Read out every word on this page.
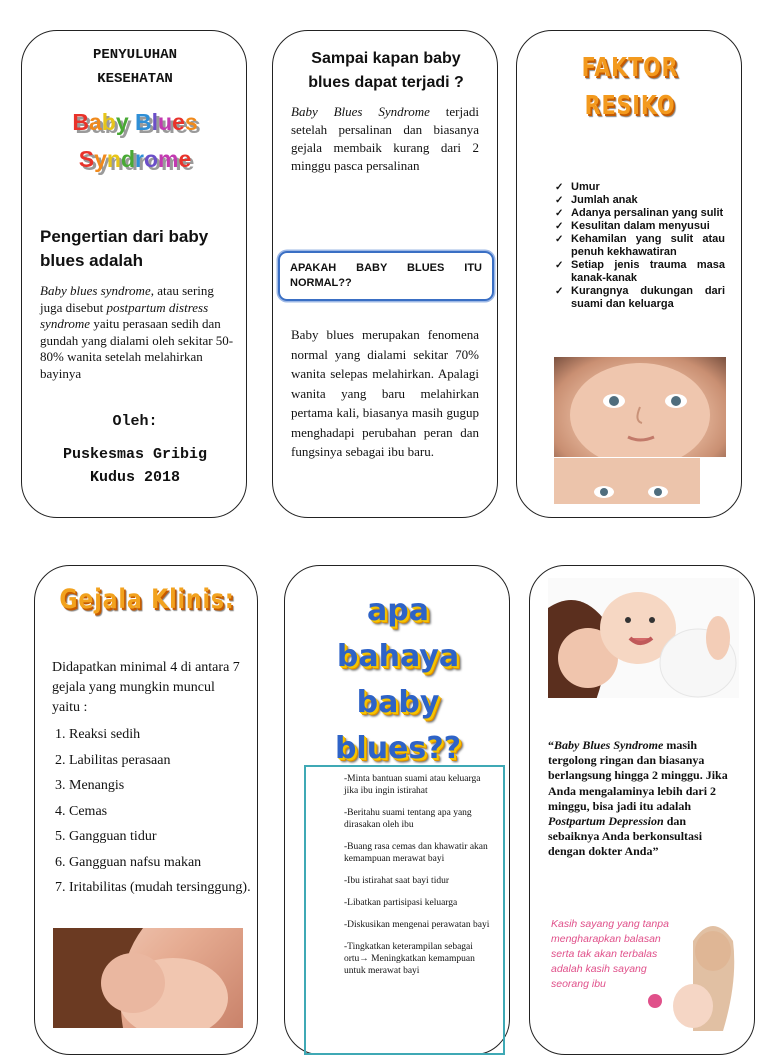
PENYULUHAN
KESEHATAN
Baby Blues
Syndrome
Pengertian dari baby
blues adalah
Baby blues syndrome, atau sering juga disebut postpartum distress syndrome yaitu perasaan sedih dan gundah yang dialami oleh sekitar 50-80% wanita setelah melahirkan bayinya
Oleh:
Puskesmas Gribig
Kudus 2018
Sampai kapan baby
blues dapat terjadi ?
Baby Blues Syndrome terjadi setelah persalinan dan biasanya gejala membaik kurang dari 2 minggu pasca persalinan
APAKAH BABY BLUES ITU NORMAL??
Baby blues merupakan fenomena normal yang dialami sekitar 70% wanita selepas melahirkan. Apalagi wanita yang baru melahirkan pertama kali, biasanya masih gugup menghadapi perubahan peran dan fungsinya sebagai ibu baru.
FAKTOR
RESIKO
✓ Umur
✓ Jumlah anak
✓ Adanya persalinan yang sulit
✓ Kesulitan dalam menyusui
✓ Kehamilan yang sulit atau penuh kekhawatiran
✓ Setiap jenis trauma masa kanak-kanak
✓ Kurangnya dukungan dari suami dan keluarga
Gejala Klinis:
Didapatkan minimal 4 di antara 7 gejala yang mungkin muncul yaitu :
1. Reaksi sedih
2. Labilitas perasaan
3. Menangis
4. Cemas
5. Gangguan tidur
6. Gangguan nafsu makan
7. Iritabilitas (mudah tersinggung).
apa
bahaya
baby
blues??

-Minta bantuan suami atau keluarga jika ibu ingin istirahat

-Beritahu suami tentang apa yang dirasakan oleh ibu

-Buang rasa cemas dan khawatir akan kemampuan merawat bayi

-Ibu istirahat saat bayi tidur

-Libatkan partisipasi keluarga

-Diskusikan mengenai perawatan bayi

-Tingkatkan keterampilan sebagai ortu→ Meningkatkan kemampuan untuk merawat bayi

“Baby Blues Syndrome masih tergolong ringan dan biasanya berlangsung hingga 2 minggu. Jika Anda mengalaminya lebih dari 2 minggu, bisa jadi itu adalah Postpartum Depression dan sebaiknya Anda berkonsultasi dengan dokter Anda”
Kasih sayang yang tanpa
mengharapkan balasan
serta tak akan terbalas
adalah kasih sayang
seorang ibu
